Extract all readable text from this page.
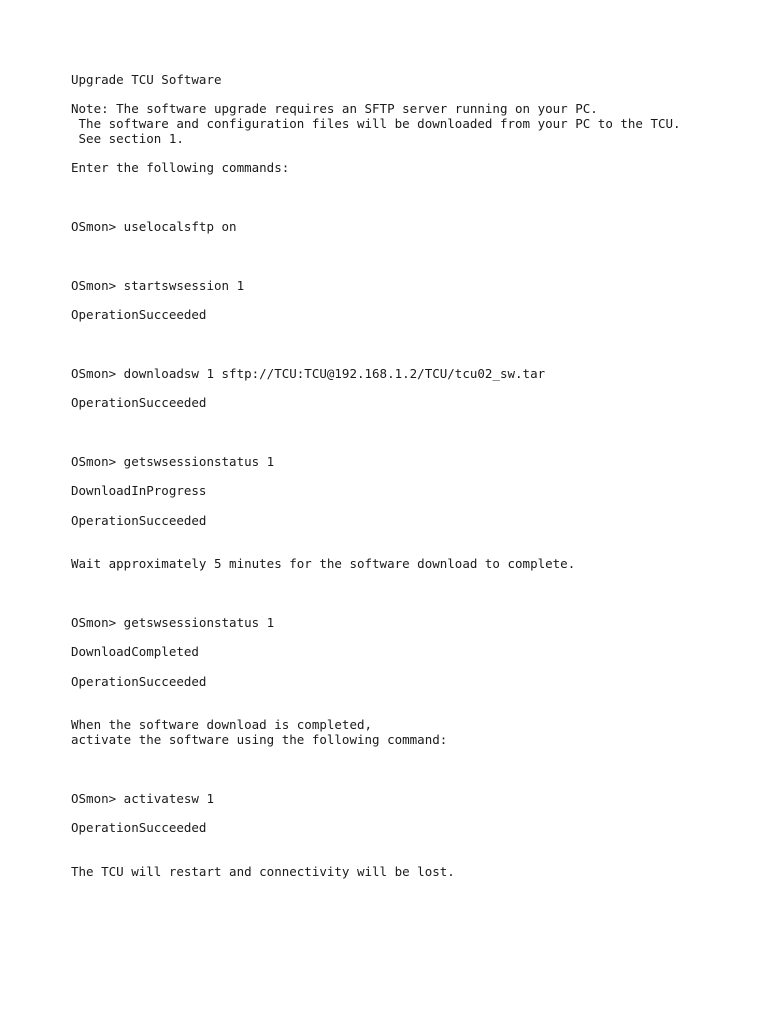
Upgrade TCU Software

Note: The software upgrade requires an SFTP server running on your PC.

The software and configuration files will be downloaded from your PC to the TCU.

See section 1.

Enter the following commands:

OSmon> uselocalsftp on

OSmon> startswsession 1

OperationSucceeded

OSmon> downloadsw 1 sftp://TCU:TCU@192.168.1.2/TCU/tcu02_sw.tar

OperationSucceeded

OSmon> getswsessionstatus 1

DownloadInProgress

OperationSucceeded

Wait approximately 5 minutes for the software download to complete.

OSmon> getswsessionstatus 1

DownloadCompleted

OperationSucceeded

When the software download is completed,

activate the software using the following command:

OSmon> activatesw 1

OperationSucceeded

The TCU will restart and connectivity will be lost.
